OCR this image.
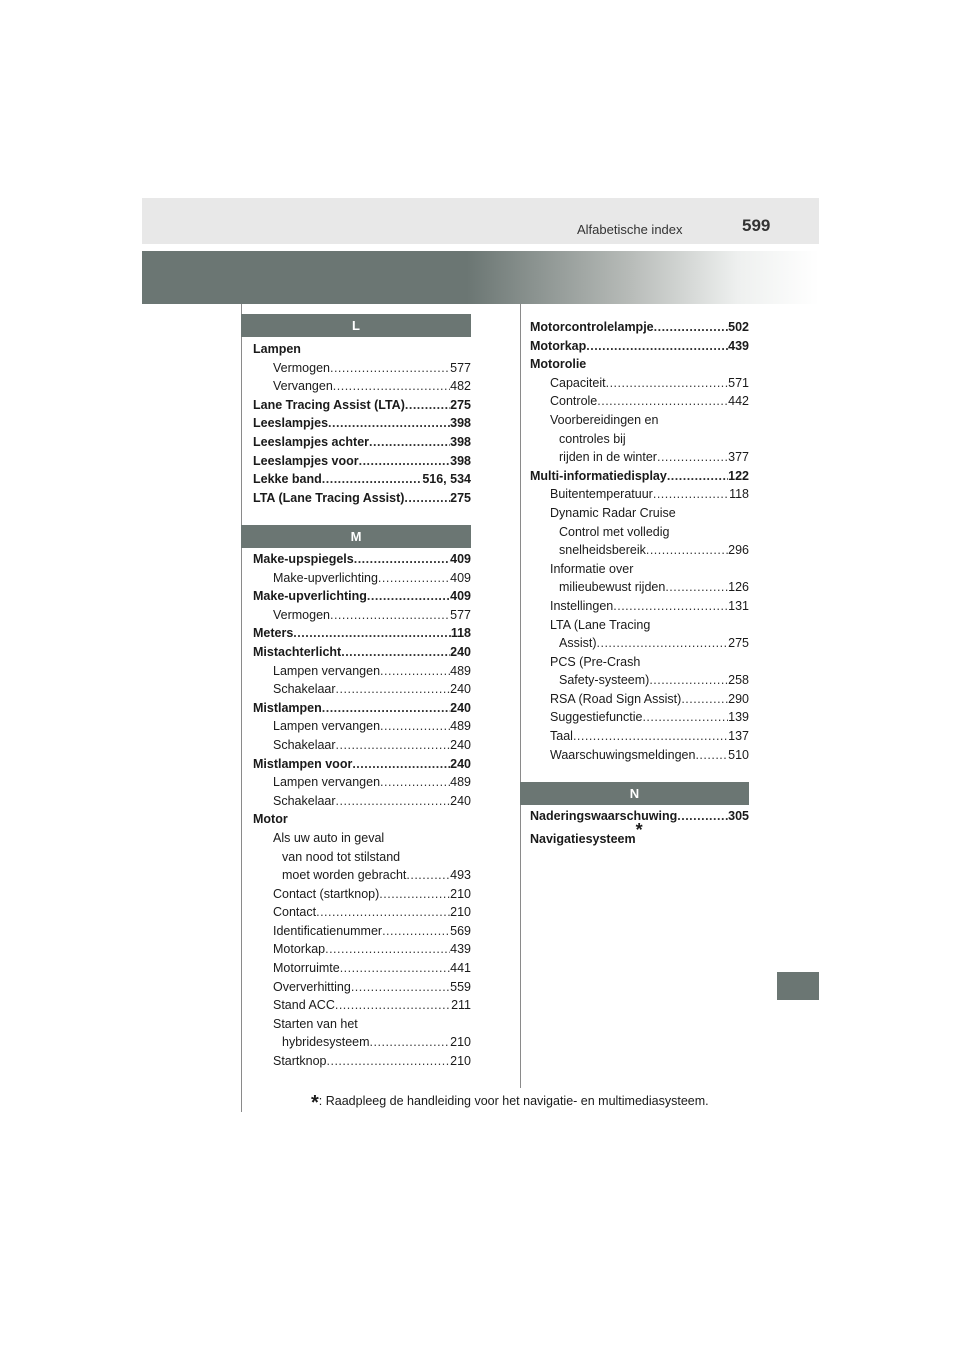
Alfabetische index	599
L
Lampen
Vermogen .....	577
Vervangen .....	482
Lane Tracing Assist (LTA) .....	275
Leeslampjes .....	398
Leeslampjes achter .....	398
Leeslampjes voor .....	398
Lekke band .....	516, 534
LTA (Lane Tracing Assist) .....	275
M
Make-upspiegels .....	409
Make-upverlichting .....	409
Make-upverlichting .....	409
Vermogen .....	577
Meters .....	118
Mistachterlicht .....	240
Lampen vervangen .....	489
Schakelaar .....	240
Mistlampen .....	240
Lampen vervangen .....	489
Schakelaar .....	240
Mistlampen voor .....	240
Lampen vervangen .....	489
Schakelaar .....	240
Motor
Als uw auto in geval
van nood tot stilstand
moet worden gebracht .....	493
Contact (startknop) .....	210
Contact .....	210
Identificatienummer .....	569
Motorkap .....	439
Motorruimte .....	441
Oververhitting .....	559
Stand ACC .....	211
Starten van het
hybridesysteem .....	210
Startknop .....	210
Motorcontrolelampje .....	502
Motorkap .....	439
Motorolie
Capaciteit .....	571
Controle .....	442
Voorbereidingen en
controles bij
rijden in de winter .....	377
Multi-informatiedisplay .....	122
Buitentemperatuur .....	118
Dynamic Radar Cruise
Control met volledig
snelheidsbereik .....	296
Informatie over
milieubewust rijden .....	126
Instellingen .....	131
LTA (Lane Tracing
Assist) .....	275
PCS (Pre-Crash
Safety-systeem) .....	258
RSA (Road Sign Assist) .....	290
Suggestiefunctie .....	139
Taal .....	137
Waarschuwingsmeldingen .....	510
N
Naderingswaarschuwing .....	305
Navigatiesysteem *
*: Raadpleeg de handleiding voor het navigatie- en multimediasysteem.
